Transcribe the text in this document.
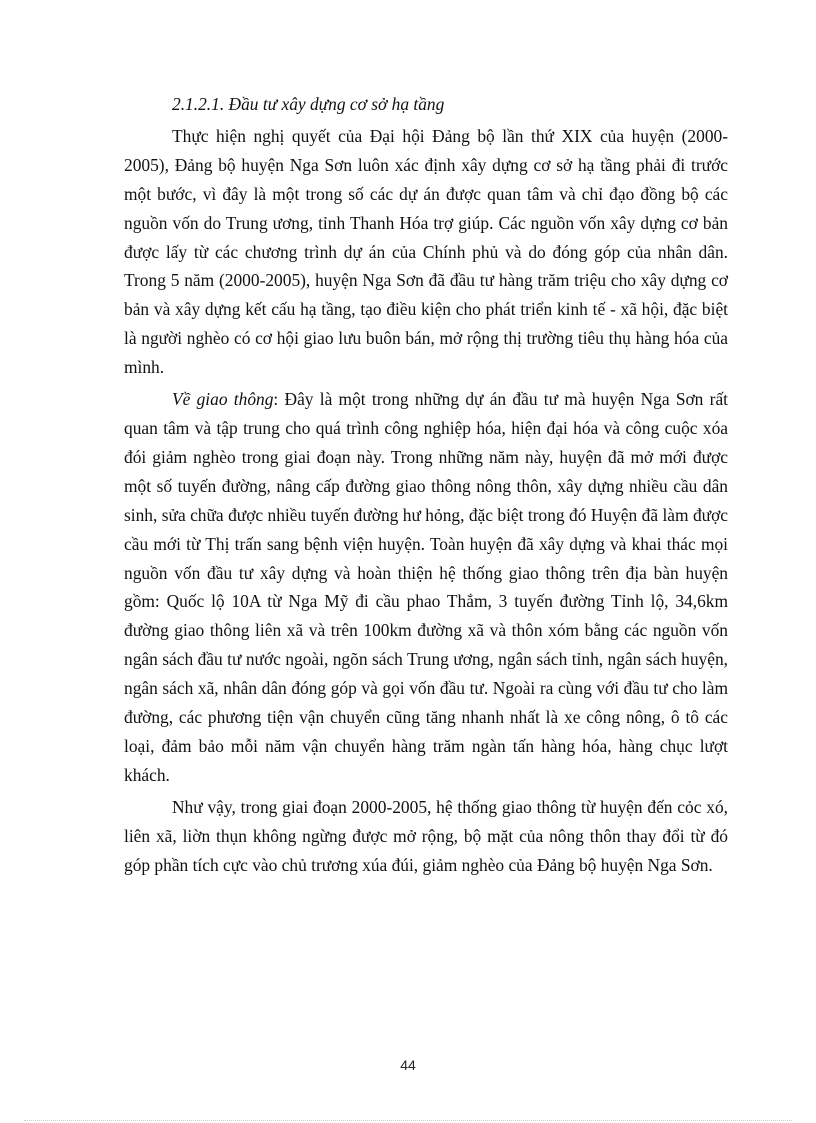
2.1.2.1. Đầu tư xây dựng cơ sở hạ tầng

Thực hiện nghị quyết của Đại hội Đảng bộ lần thứ XIX của huyện (2000-2005), Đảng bộ huyện Nga Sơn luôn xác định xây dựng cơ sở hạ tầng phải đi trước một bước, vì đây là một trong số các dự án được quan tâm và chỉ đạo đồng bộ các nguồn vốn do Trung ương, tỉnh Thanh Hóa trợ giúp. Các nguồn vốn xây dựng cơ bản được lấy từ các chương trình dự án của Chính phủ và do đóng góp của nhân dân. Trong 5 năm (2000-2005), huyện Nga Sơn đã đầu tư hàng trăm triệu cho xây dựng cơ bản và xây dựng kết cấu hạ tầng, tạo điều kiện cho phát triển kinh tế - xã hội, đặc biệt là người nghèo có cơ hội giao lưu buôn bán, mở rộng thị trường tiêu thụ hàng hóa của mình.

Về giao thông: Đây là một trong những dự án đầu tư mà huyện Nga Sơn rất quan tâm và tập trung cho quá trình công nghiệp hóa, hiện đại hóa và công cuộc xóa đói giảm nghèo trong giai đoạn này. Trong những năm này, huyện đã mở mới được một số tuyến đường, nâng cấp đường giao thông nông thôn, xây dựng nhiều cầu dân sinh, sửa chữa được nhiều tuyến đường hư hỏng, đặc biệt trong đó Huyện đã làm được cầu mới từ Thị trấn sang bệnh viện huyện. Toàn huyện đã xây dựng và khai thác mọi nguồn vốn đầu tư xây dựng và hoàn thiện hệ thống giao thông trên địa bàn huyện gồm: Quốc lộ 10A từ Nga Mỹ đi cầu phao Thắm, 3 tuyến đường Tỉnh lộ, 34,6km đường giao thông liên xã và trên 100km đường xã và thôn xóm bằng các nguồn vốn ngân sách đầu tư nước ngoài, ngõn sách Trung ương, ngân sách tỉnh, ngân sách huyện, ngân sách xã, nhân dân đóng góp và gọi vốn đầu tư. Ngoài ra cùng với đầu tư cho làm đường, các phương tiện vận chuyển cũng tăng nhanh nhất là xe công nông, ô tô các loại, đảm bảo mỗi năm vận chuyển hàng trăm ngàn tấn hàng hóa, hàng chục lượt khách.

Như vậy, trong giai đoạn 2000-2005, hệ thống giao thông từ huyện đến cỏc xó, liên xã, liờn thụn không ngừng được mở rộng, bộ mặt của nông thôn thay đổi từ đó góp phần tích cực vào chủ trương xúa đúi, giảm nghèo của Đảng bộ huyện Nga Sơn.

44
